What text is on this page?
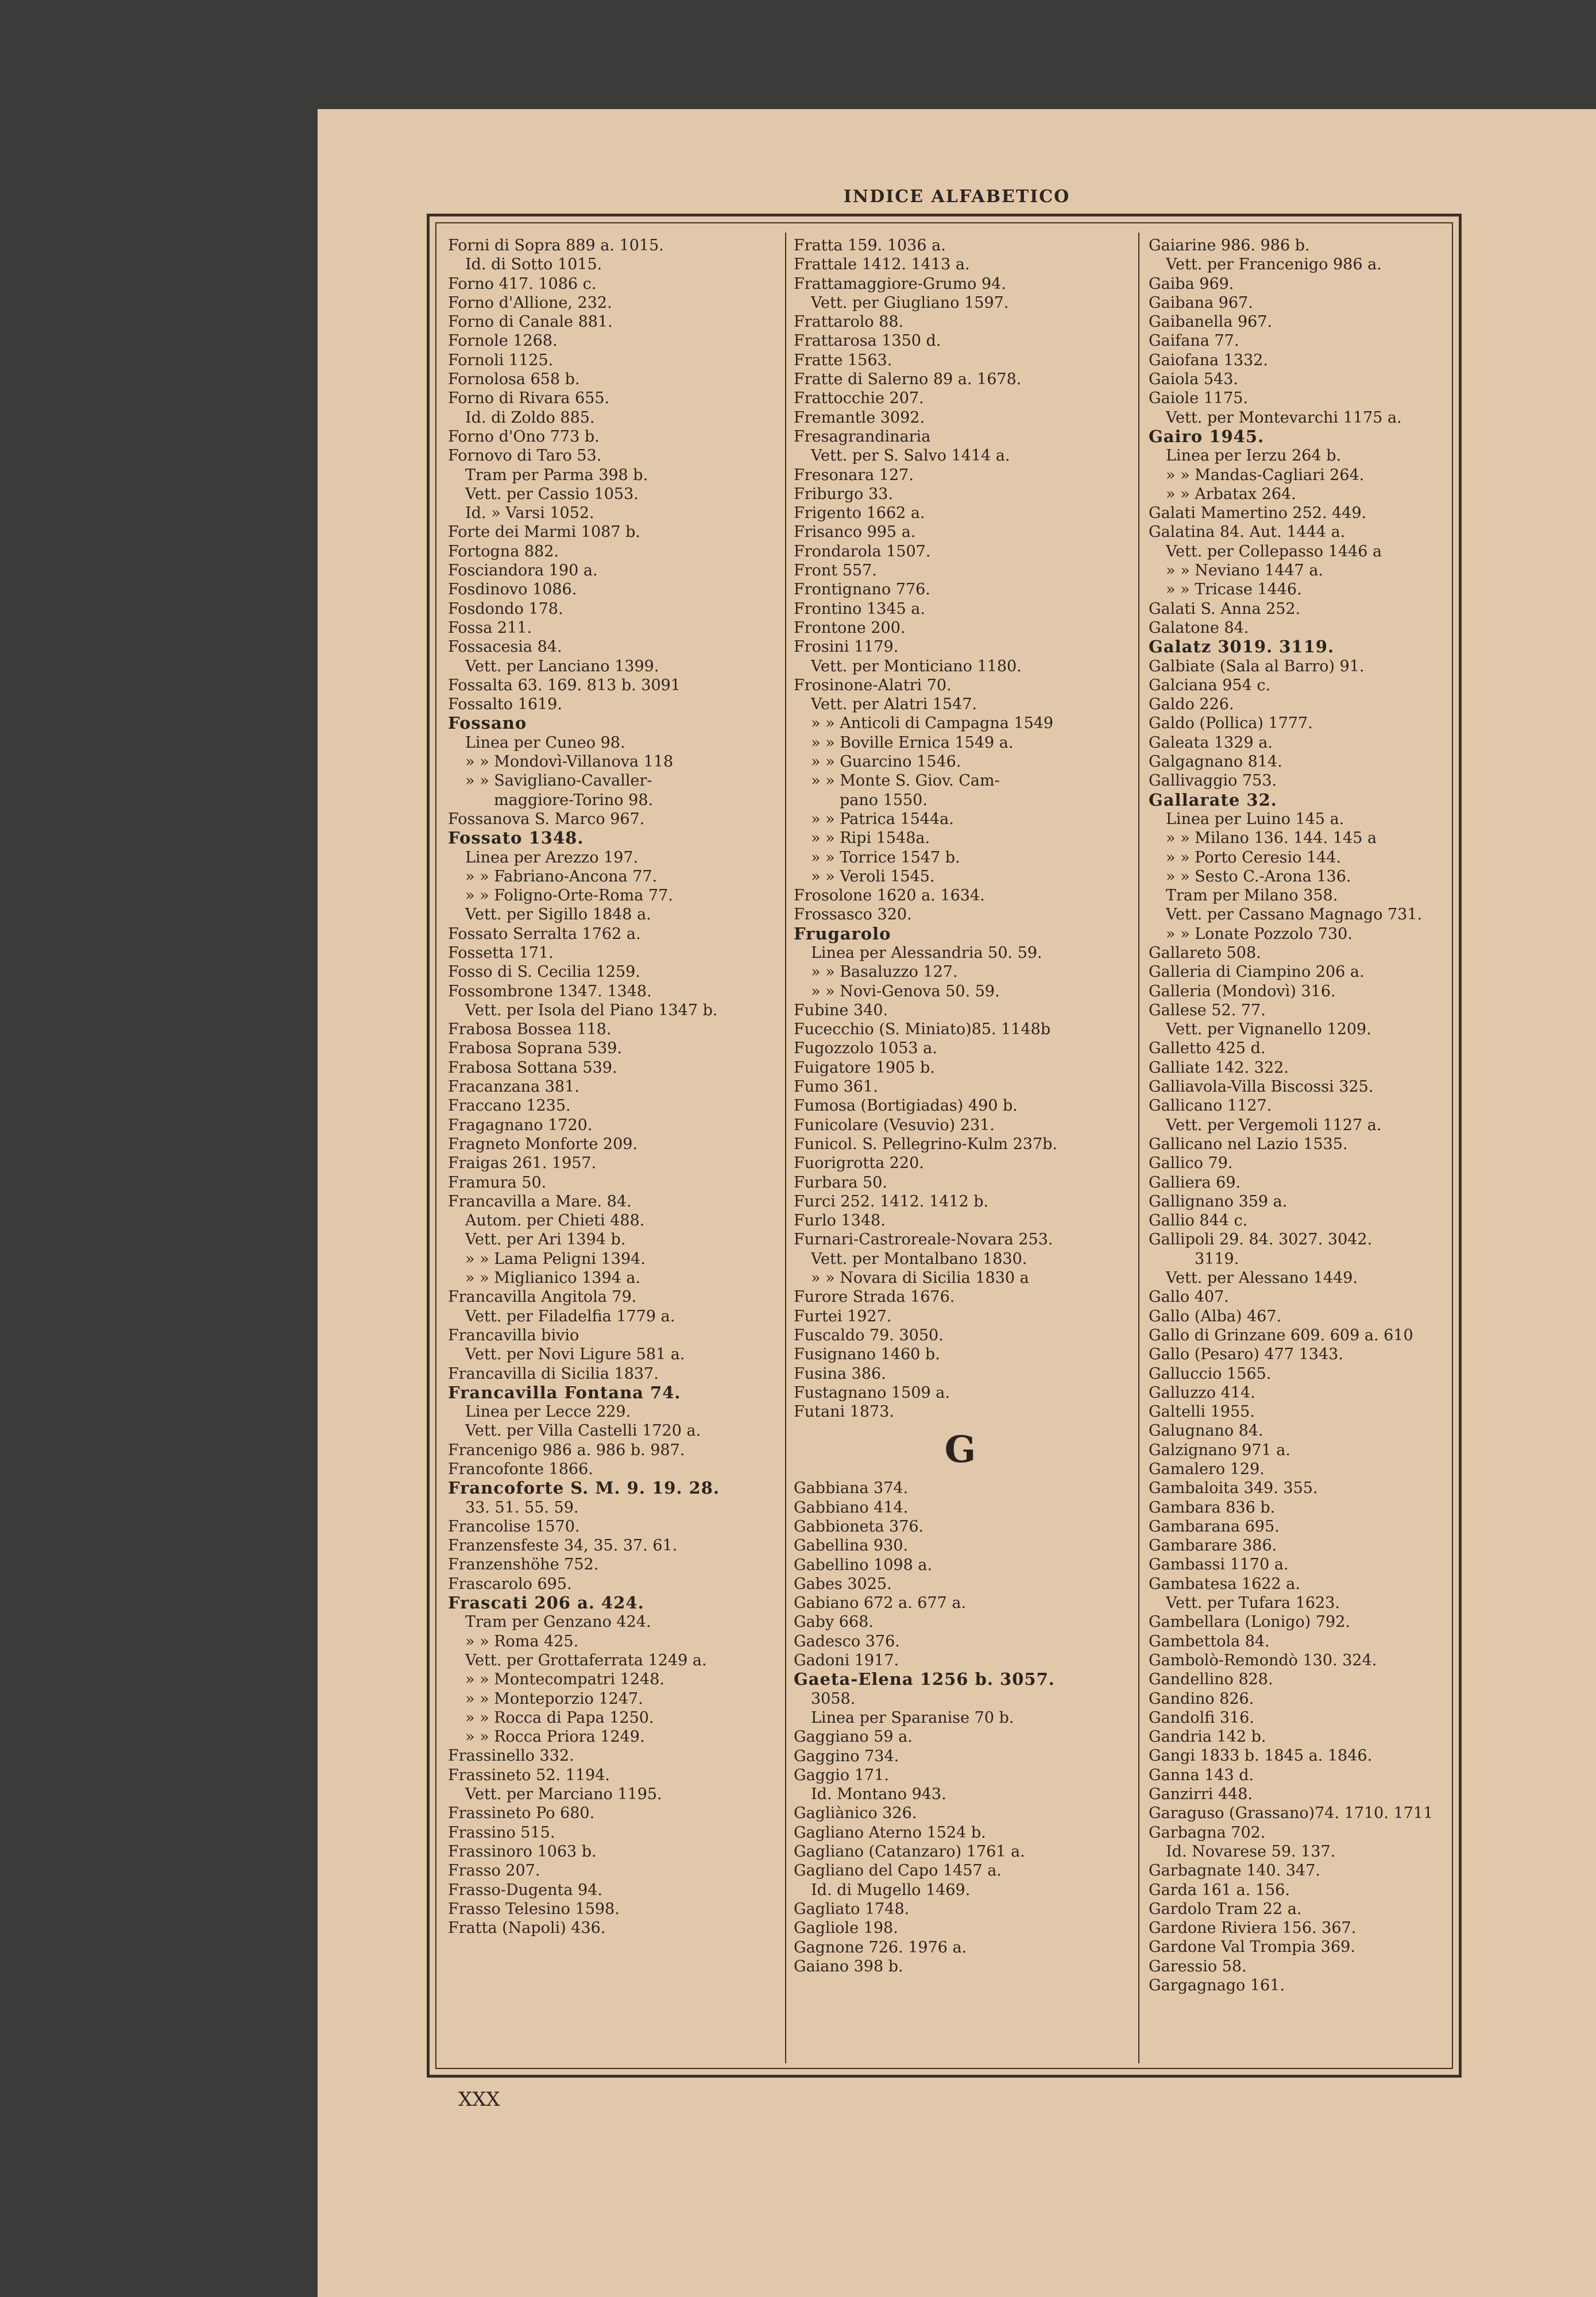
INDICE ALFABETICO
Forni di Sopra 889 a. 1015.
Id. di Sotto 1015.
Forno 417. 1086 c.
Forno d'Allione, 232.
Forno di Canale 881.
Fornole 1268.
Fornoli 1125.
Fornolosa 658 b.
Forno di Rivara 655.
Id. di Zoldo 885.
Forno d'Ono 773 b.
Fornovo di Taro 53.
Tram per Parma 398 b.
Vett. per Cassio 1053.
Id. » Varsi 1052.
Forte dei Marmi 1087 b.
Fortogna 882.
Fosciandora 190 a.
Fosdinovo 1086.
Fosdondo 178.
Fossa 211.
Fossacesia 84.
Vett. per Lanciano 1399.
Fossalta 63. 169. 813 b. 3091
Fossalto 1619.
Fossano
Linea per Cuneo 98.
» » Mondovì-Villanova 118
» » Savigliano-Cavaller-
maggiore-Torino 98.
Fossanova S. Marco 967.
Fossato 1348.
Linea per Arezzo 197.
» » Fabriano-Ancona 77.
» » Foligno-Orte-Roma 77.
Vett. per Sigillo 1848 a.
Fossato Serralta 1762 a.
Fossetta 171.
Fosso di S. Cecilia 1259.
Fossombrone 1347. 1348.
Vett. per Isola del Piano 1347 b.
Frabosa Bossea 118.
Frabosa Soprana 539.
Frabosa Sottana 539.
Fracanzana 381.
Fraccano 1235.
Fragagnano 1720.
Fragneto Monforte 209.
Fraigas 261. 1957.
Framura 50.
Francavilla a Mare. 84.
Autom. per Chieti 488.
Vett. per Ari 1394 b.
» » Lama Peligni 1394.
» » Miglianico 1394 a.
Francavilla Angitola 79.
Vett. per Filadelfia 1779 a.
Francavilla bivio
Vett. per Novi Ligure 581 a.
Francavilla di Sicilia 1837.
Francavilla Fontana 74.
Linea per Lecce 229.
Vett. per Villa Castelli 1720 a.
Francenigo 986 a. 986 b. 987.
Francofonte 1866.
Francoforte S. M. 9. 19. 28.
33. 51. 55. 59.
Francolise 1570.
Franzensfeste 34, 35. 37. 61.
Franzenshöhe 752.
Frascarolo 695.
Frascati 206 a. 424.
Tram per Genzano 424.
» » Roma 425.
Vett. per Grottaferrata 1249 a.
» » Montecompatri 1248.
» » Monteporzio 1247.
» » Rocca di Papa 1250.
» » Rocca Priora 1249.
Frassinello 332.
Frassineto 52. 1194.
Vett. per Marciano 1195.
Frassineto Po 680.
Frassino 515.
Frassinoro 1063 b.
Frasso 207.
Frasso-Dugenta 94.
Frasso Telesino 1598.
Fratta (Napoli) 436.
Fratta 159. 1036 a.
Frattale 1412. 1413 a.
Frattamaggiore-Grumo 94.
Vett. per Giugliano 1597.
Frattarolo 88.
Frattarosa 1350 d.
Fratte 1563.
Fratte di Salerno 89 a. 1678.
Frattocchie 207.
Fremantle 3092.
Fresagrandinaria
Vett. per S. Salvo 1414 a.
Fresonara 127.
Friburgo 33.
Frigento 1662 a.
Frisanco 995 a.
Frondarola 1507.
Front 557.
Frontignano 776.
Frontino 1345 a.
Frontone 200.
Frosini 1179.
Vett. per Monticiano 1180.
Frosinone-Alatri 70.
Vett. per Alatri 1547.
» » Anticoli di Campagna 1549
» » Boville Ernica 1549 a.
» » Guarcino 1546.
» » Monte S. Giov. Cam-
pano 1550.
» » Patrica 1544a.
» » Ripi 1548a.
» » Torrice 1547 b.
» » Veroli 1545.
Frosolone 1620 a. 1634.
Frossasco 320.
Frugarolo
Linea per Alessandria 50. 59.
» » Basaluzzo 127.
» » Novi-Genova 50. 59.
Fubine 340.
Fucecchio (S. Miniato)85. 1148b
Fugozzolo 1053 a.
Fuigatore 1905 b.
Fumo 361.
Fumosa (Bortigiadas) 490 b.
Funicolare (Vesuvio) 231.
Funicol. S. Pellegrino-Kulm 237b.
Fuorigrotta 220.
Furbara 50.
Furci 252. 1412. 1412 b.
Furlo 1348.
Furnari-Castroreale-Novara 253.
Vett. per Montalbano 1830.
» » Novara di Sicilia 1830 a
Furore Strada 1676.
Furtei 1927.
Fuscaldo 79. 3050.
Fusignano 1460 b.
Fusina 386.
Fustagnano 1509 a.
Futani 1873.
G
Gabbiana 374.
Gabbiano 414.
Gabbioneta 376.
Gabellina 930.
Gabellino 1098 a.
Gabes 3025.
Gabiano 672 a. 677 a.
Gaby 668.
Gadesco 376.
Gadoni 1917.
Gaeta-Elena 1256 b. 3057.
3058.
Linea per Sparanise 70 b.
Gaggiano 59 a.
Gaggino 734.
Gaggio 171.
Id. Montano 943.
Gagliànico 326.
Gagliano Aterno 1524 b.
Gagliano (Catanzaro) 1761 a.
Gagliano del Capo 1457 a.
Id. di Mugello 1469.
Gagliato 1748.
Gagliole 198.
Gagnone 726. 1976 a.
Gaiano 398 b.
Gaiarine 986. 986 b.
Vett. per Francenigo 986 a.
Gaiba 969.
Gaibana 967.
Gaibanella 967.
Gaifana 77.
Gaiofana 1332.
Gaiola 543.
Gaiole 1175.
Vett. per Montevarchi 1175 a.
Gairo 1945.
Linea per Ierzu 264 b.
» » Mandas-Cagliari 264.
» » Arbatax 264.
Galati Mamertino 252. 449.
Galatina 84. Aut. 1444 a.
Vett. per Collepasso 1446 a
» » Neviano 1447 a.
» » Tricase 1446.
Galati S. Anna 252.
Galatone 84.
Galatz 3019. 3119.
Galbiate (Sala al Barro) 91.
Galciana 954 c.
Galdo 226.
Galdo (Pollica) 1777.
Galeata 1329 a.
Galgagnano 814.
Gallivaggio 753.
Gallarate 32.
Linea per Luino 145 a.
» » Milano 136. 144. 145 a
» » Porto Ceresio 144.
» » Sesto C.-Arona 136.
Tram per Milano 358.
Vett. per Cassano Magnago 731.
» » Lonate Pozzolo 730.
Gallareto 508.
Galleria di Ciampino 206 a.
Galleria (Mondovì) 316.
Gallese 52. 77.
Vett. per Vignanello 1209.
Galletto 425 d.
Galliate 142. 322.
Galliavola-Villa Biscossi 325.
Gallicano 1127.
Vett. per Vergemoli 1127 a.
Gallicano nel Lazio 1535.
Gallico 79.
Galliera 69.
Gallignano 359 a.
Gallio 844 c.
Gallipoli 29. 84. 3027. 3042.
3119.
Vett. per Alessano 1449.
Gallo 407.
Gallo (Alba) 467.
Gallo di Grinzane 609. 609 a. 610
Gallo (Pesaro) 477 1343.
Galluccio 1565.
Galluzzo 414.
Galtelli 1955.
Galugnano 84.
Galzignano 971 a.
Gamalero 129.
Gambaloita 349. 355.
Gambara 836 b.
Gambarana 695.
Gambarare 386.
Gambassi 1170 a.
Gambatesa 1622 a.
Vett. per Tufara 1623.
Gambellara (Lonigo) 792.
Gambettola 84.
Gambolò-Remondò 130. 324.
Gandellino 828.
Gandino 826.
Gandolfi 316.
Gandria 142 b.
Gangi 1833 b. 1845 a. 1846.
Ganna 143 d.
Ganzirri 448.
Garaguso (Grassano)74. 1710. 1711
Garbagna 702.
Id. Novarese 59. 137.
Garbagnate 140. 347.
Garda 161 a. 156.
Gardolo Tram 22 a.
Gardone Riviera 156. 367.
Gardone Val Trompia 369.
Garessio 58.
Gargagnago 161.
XXX
